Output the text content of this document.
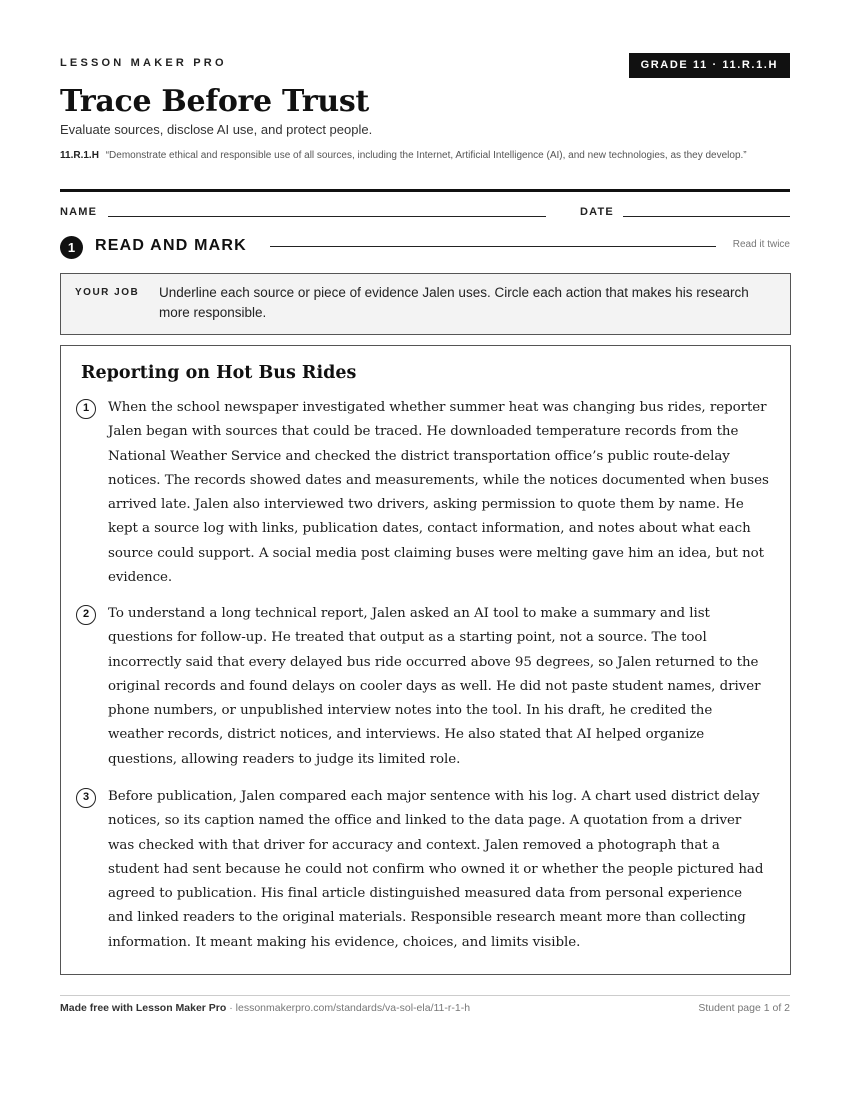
LESSON MAKER PRO	GRADE 11 · 11.R.1.H
Trace Before Trust
Evaluate sources, disclose AI use, and protect people.
11.R.1.H “Demonstrate ethical and responsible use of all sources, including the Internet, Artificial Intelligence (AI), and new technologies, as they develop.”
NAME	DATE
1	READ AND MARK	Read it twice
YOUR JOB Underline each source or piece of evidence Jalen uses. Circle each action that makes his research more responsible.
Reporting on Hot Bus Rides
1	When the school newspaper investigated whether summer heat was changing bus rides, reporter Jalen began with sources that could be traced. He downloaded temperature records from the National Weather Service and checked the district transportation office’s public route-delay notices. The records showed dates and measurements, while the notices documented when buses arrived late. Jalen also interviewed two drivers, asking permission to quote them by name. He kept a source log with links, publication dates, contact information, and notes about what each source could support. A social media post claiming buses were melting gave him an idea, but not evidence.
2	To understand a long technical report, Jalen asked an AI tool to make a summary and list questions for follow-up. He treated that output as a starting point, not a source. The tool incorrectly said that every delayed bus ride occurred above 95 degrees, so Jalen returned to the original records and found delays on cooler days as well. He did not paste student names, driver phone numbers, or unpublished interview notes into the tool. In his draft, he credited the weather records, district notices, and interviews. He also stated that AI helped organize questions, allowing readers to judge its limited role.
3	Before publication, Jalen compared each major sentence with his log. A chart used district delay notices, so its caption named the office and linked to the data page. A quotation from a driver was checked with that driver for accuracy and context. Jalen removed a photograph that a student had sent because he could not confirm who owned it or whether the people pictured had agreed to publication. His final article distinguished measured data from personal experience and linked readers to the original materials. Responsible research meant more than collecting information. It meant making his evidence, choices, and limits visible.
Made free with Lesson Maker Pro · lessonmakerpro.com/standards/va-sol-ela/11-r-1-h	Student page 1 of 2
